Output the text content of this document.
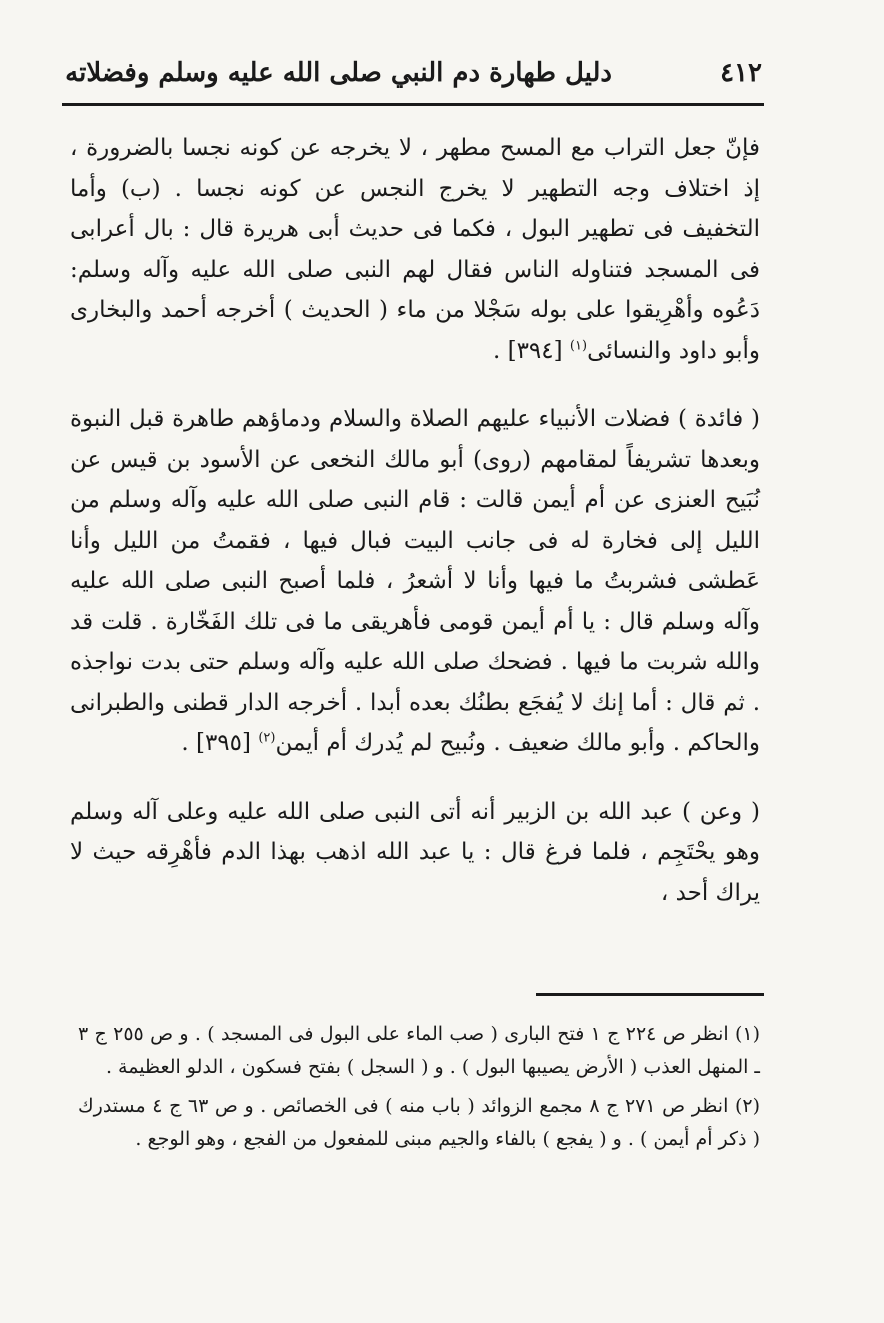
٤١٢
دليل طهارة دم النبي صلى الله عليه وسلم وفضلاته

فإنّ جعل التراب مع المسح مطهر ، لا يخرجه عن كونه نجسا بالضرورة ، إذ اختلاف وجه التطهير لا يخرج النجس عن كونه نجسا . (ب) وأما التخفيف فى تطهير البول ، فكما فى حديث أبى هريرة قال : بال أعرابى فى المسجد فتناوله الناس فقال لهم النبى صلى الله عليه وآله وسلم: دَعُوه وأهْرِيقوا على بوله سَجْلا من ماء ( الحديث ) أخرجه أحمد والبخارى وأبو داود والنسائى$^{(١)}$ [٣٩٤] .

( فائدة ) فضلات الأنبياء عليهم الصلاة والسلام ودماؤهم طاهرة قبل النبوة وبعدها تشريفاً لمقامهم (روى) أبو مالك النخعى عن الأسود بن قيس عن نُبَيح العنزى عن أم أيمن قالت : قام النبى صلى الله عليه وآله وسلم من الليل إلى فخارة له فى جانب البيت فبال فيها ، فقمتُ من الليل وأنا عَطشى فشربتُ ما فيها وأنا لا أشعرُ ، فلما أصبح النبى صلى الله عليه وآله وسلم قال : يا أم أيمن قومى فأهريقى ما فى تلك الفَخّارة . قلت قد والله شربت ما فيها . فضحك صلى الله عليه وآله وسلم حتى بدت نواجذه . ثم قال : أما إنك لا يُفجَع بطنُك بعده أبدا . أخرجه الدار قطنى والطبرانى والحاكم . وأبو مالك ضعيف . ونُبيح لم يُدرك أم أيمن$^{(٢)}$ [٣٩٥] .

( وعن ) عبد الله بن الزبير أنه أتى النبى صلى الله عليه وعلى آله وسلم وهو يحْتَجِم ، فلما فرغ قال : يا عبد الله اذهب بهذا الدم فأهْرِقه حيث لا يراك أحد ،

(١) انظر ص ٢٢٤ ج ١ فتح البارى ( صب الماء على البول فى المسجد ) . و ص ٢٥٥ ج ٣ ـ المنهل العذب ( الأرض يصيبها البول ) . و ( السجل ) بفتح فسكون ، الدلو العظيمة .

(٢) انظر ص ٢٧١ ج ٨ مجمع الزوائد ( باب منه ) فى الخصائص . و ص ٦٣ ج ٤ مستدرك ( ذكر أم أيمن ) . و ( يفجع ) بالفاء والجيم مبنى للمفعول من الفجع ، وهو الوجع .
